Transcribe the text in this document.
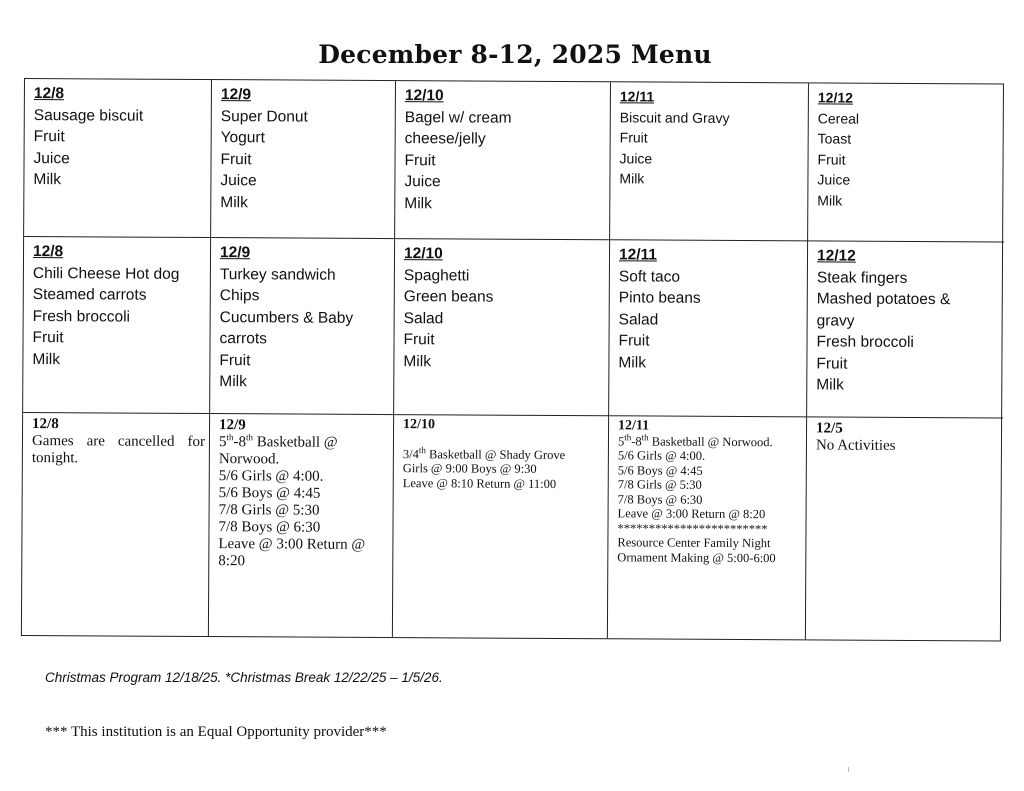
December 8-12, 2025 Menu
12/8
Sausage biscuit
Fruit
Juice
Milk
12/9
Super Donut
Yogurt
Fruit
Juice
Milk
12/10
Bagel w/ cream
cheese/jelly
Fruit
Juice
Milk
12/11
Biscuit and Gravy
Fruit
Juice
Milk
12/12
Cereal
Toast
Fruit
Juice
Milk
12/8
Chili Cheese Hot dog
Steamed carrots
Fresh broccoli
Fruit
Milk
12/9
Turkey sandwich
Chips
Cucumbers & Baby
carrots
Fruit
Milk
12/10
Spaghetti
Green beans
Salad
Fruit
Milk
12/11
Soft taco
Pinto beans
Salad
Fruit
Milk
12/12
Steak fingers
Mashed potatoes &
gravy
Fresh broccoli
Fruit
Milk
12/8
Games are cancelled for tonight.
12/9
5th-8th Basketball @ Norwood.
5/6 Girls @ 4:00.
5/6 Boys @ 4:45
7/8 Girls @ 5:30
7/8 Boys @ 6:30
Leave @ 3:00 Return @ 8:20
12/10
3/4th Basketball @ Shady Grove
Girls @ 9:00 Boys @ 9:30
Leave @ 8:10 Return @ 11:00
12/11
5th-8th Basketball @ Norwood.
5/6 Girls @ 4:00.
5/6 Boys @ 4:45
7/8 Girls @ 5:30
7/8 Boys @ 6:30
Leave @ 3:00 Return @ 8:20
************************
Resource Center Family Night
Ornament Making @ 5:00-6:00
12/5
No Activities
Christmas Program 12/18/25. *Christmas Break 12/22/25 – 1/5/26.
*** This institution is an Equal Opportunity provider***
